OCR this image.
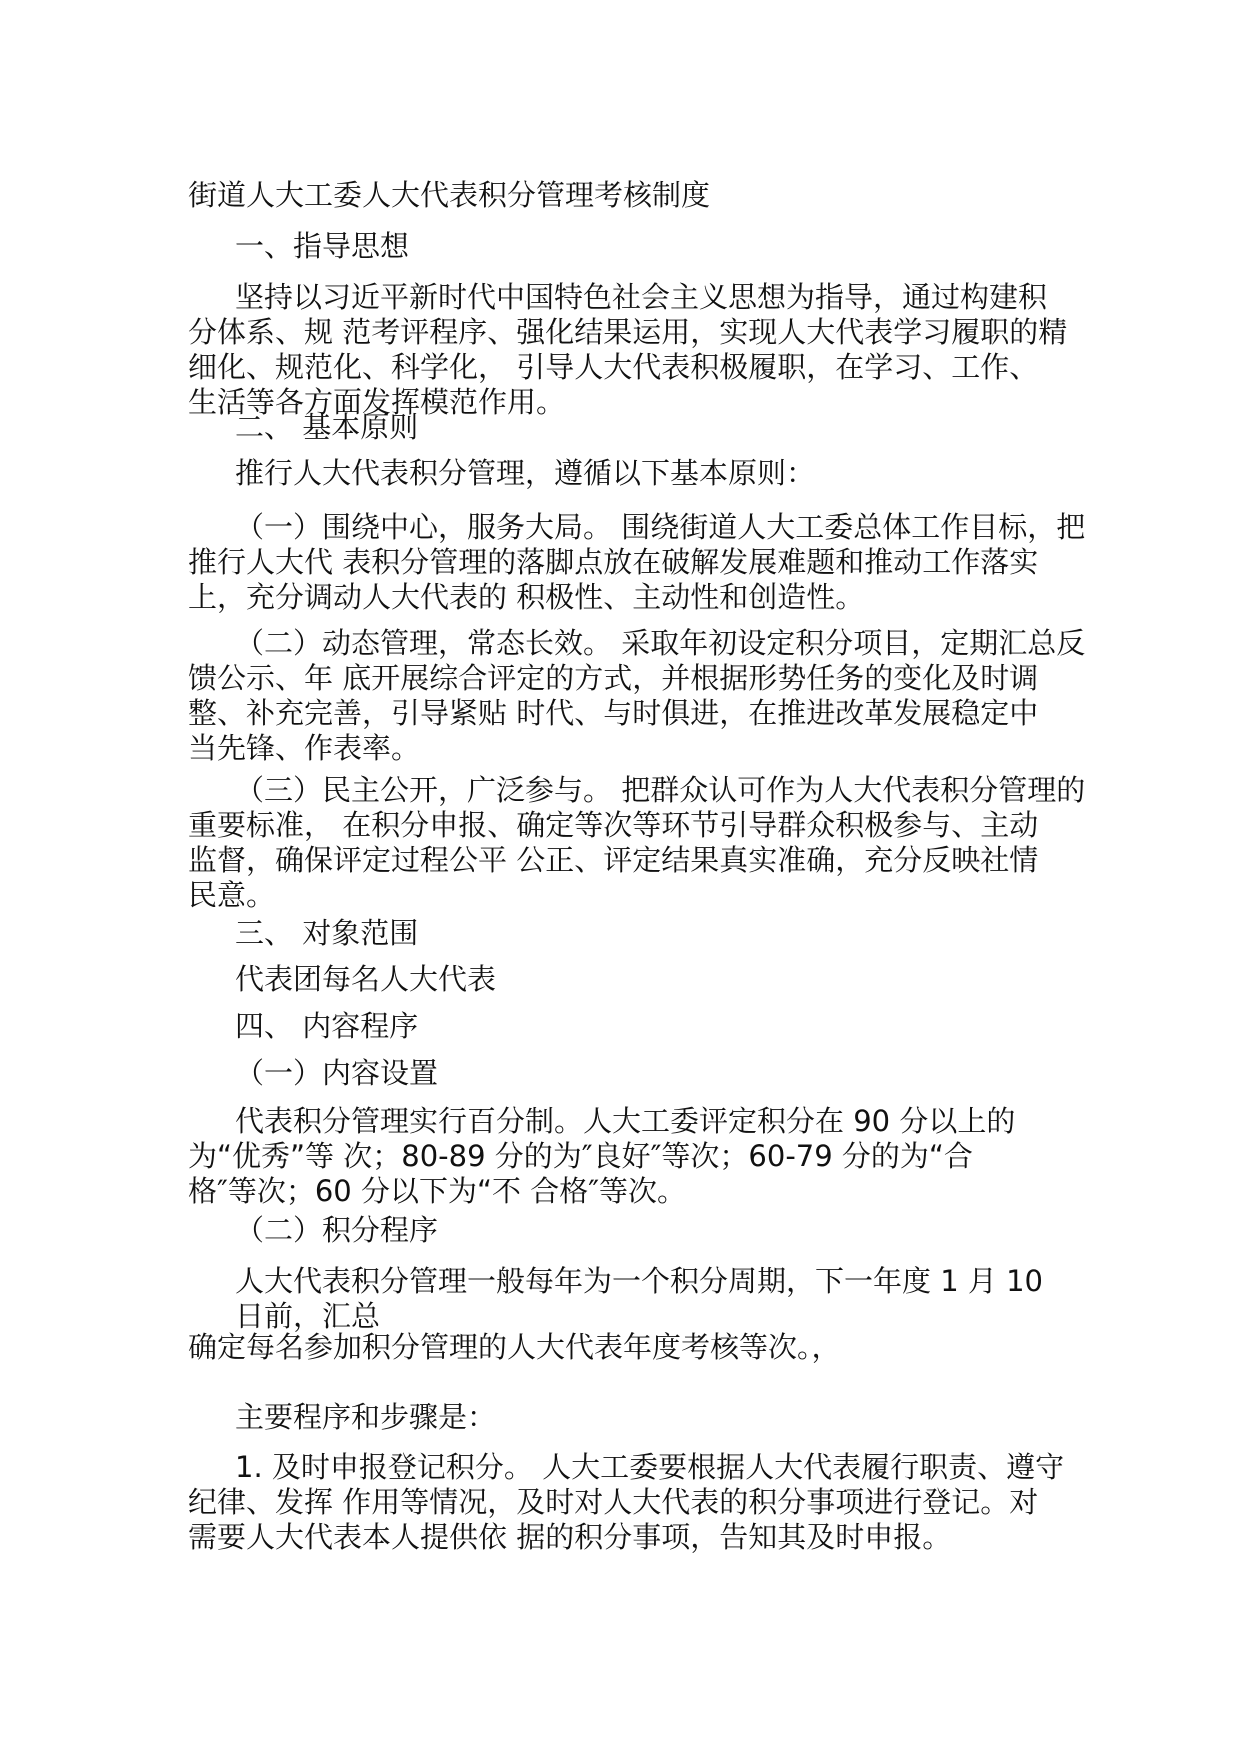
街道人大工委人大代表积分管理考核制度

一、指导思想

坚持以习近平新时代中国特色社会主义思想为指导，通过构建积

分体系、规 范考评程序、强化结果运用，实现人大代表学习履职的精

细化、规范化、科学化， 引导人大代表积极履职，在学习、工作、

生活等各方面发挥模范作用。

二、 基本原则

推行人大代表积分管理，遵循以下基本原则：

（一）围绕中心，服务大局。 围绕街道人大工委总体工作目标，把

推行人大代 表积分管理的落脚点放在破解发展难题和推动工作落实

上，充分调动人大代表的 积极性、主动性和创造性。

（二）动态管理，常态长效。 采取年初设定积分项目，定期汇总反

馈公示、年 底开展综合评定的方式，并根据形势任务的变化及时调

整、补充完善，引导紧贴 时代、与时俱进，在推进改革发展稳定中

当先锋、作表率。

（三）民主公开，广泛参与。 把群众认可作为人大代表积分管理的

重要标准， 在积分申报、确定等次等环节引导群众积极参与、主动

监督，确保评定过程公平 公正、评定结果真实准确，充分反映社情

民意。

三、 对象范围

代表团每名人大代表

四、 内容程序

（一）内容设置

代表积分管理实行百分制。人大工委评定积分在 90 分以上的

为“优秀”等 次；80-89 分的为″良好″等次；60-79 分的为“合

格″等次；60 分以下为“不 合格″等次。

（二）积分程序

人大代表积分管理一般每年为一个积分周期，下一年度 1 月 10

日前，汇总

确定每名参加积分管理的人大代表年度考核等次。，

主要程序和步骤是：

1. 及时申报登记积分。 人大工委要根据人大代表履行职责、遵守

纪律、发挥 作用等情况，及时对人大代表的积分事项进行登记。对

需要人大代表本人提供依 据的积分事项，告知其及时申报。
